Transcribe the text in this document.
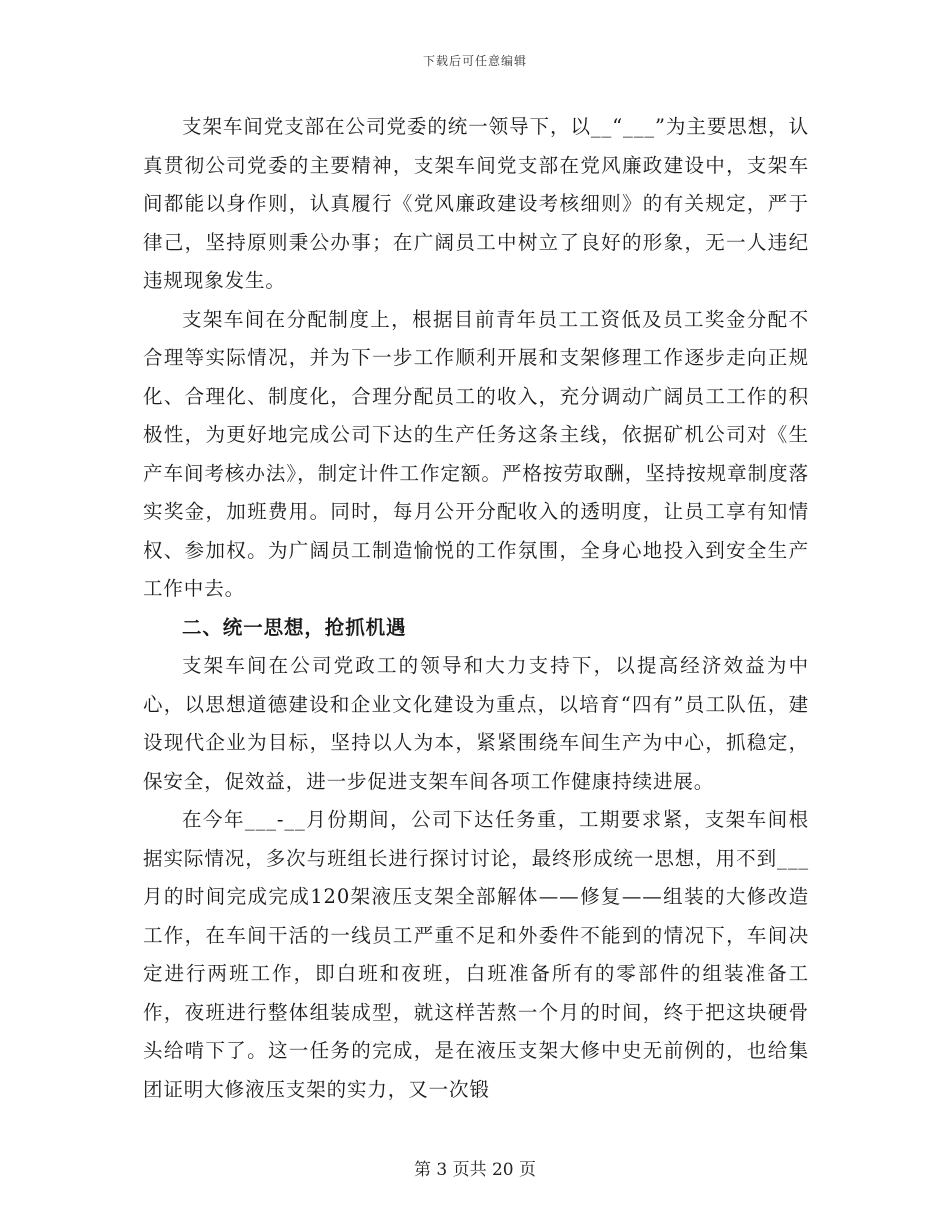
下载后可任意编辑

支架车间党支部在公司党委的统一领导下，以__“___”为主要思想，认真贯彻公司党委的主要精神，支架车间党支部在党风廉政建设中，支架车间都能以身作则，认真履行《党风廉政建设考核细则》的有关规定，严于律己，坚持原则秉公办事；在广阔员工中树立了良好的形象，无一人违纪违规现象发生。

支架车间在分配制度上，根据目前青年员工工资低及员工奖金分配不合理等实际情况，并为下一步工作顺利开展和支架修理工作逐步走向正规化、合理化、制度化，合理分配员工的收入，充分调动广阔员工工作的积极性，为更好地完成公司下达的生产任务这条主线，依据矿机公司对《生产车间考核办法》，制定计件工作定额。严格按劳取酬，坚持按规章制度落实奖金，加班费用。同时，每月公开分配收入的透明度，让员工享有知情权、参加权。为广阔员工制造愉悦的工作氛围，全身心地投入到安全生产工作中去。

二、统一思想，抢抓机遇

支架车间在公司党政工的领导和大力支持下，以提高经济效益为中心，以思想道德建设和企业文化建设为重点，以培育“四有”员工队伍，建设现代企业为目标，坚持以人为本，紧紧围绕车间生产为中心，抓稳定，保安全，促效益，进一步促进支架车间各项工作健康持续进展。

在今年___-__月份期间，公司下达任务重，工期要求紧，支架车间根据实际情况，多次与班组长进行探讨讨论，最终形成统一思想，用不到___月的时间完成完成120架液压支架全部解体——修复——组装的大修改造工作，在车间干活的一线员工严重不足和外委件不能到的情况下，车间决定进行两班工作，即白班和夜班，白班准备所有的零部件的组装准备工作，夜班进行整体组装成型，就这样苦熬一个月的时间，终于把这块硬骨头给啃下了。这一任务的完成，是在液压支架大修中史无前例的，也给集团证明大修液压支架的实力，又一次锻

第 3 页共 20 页
